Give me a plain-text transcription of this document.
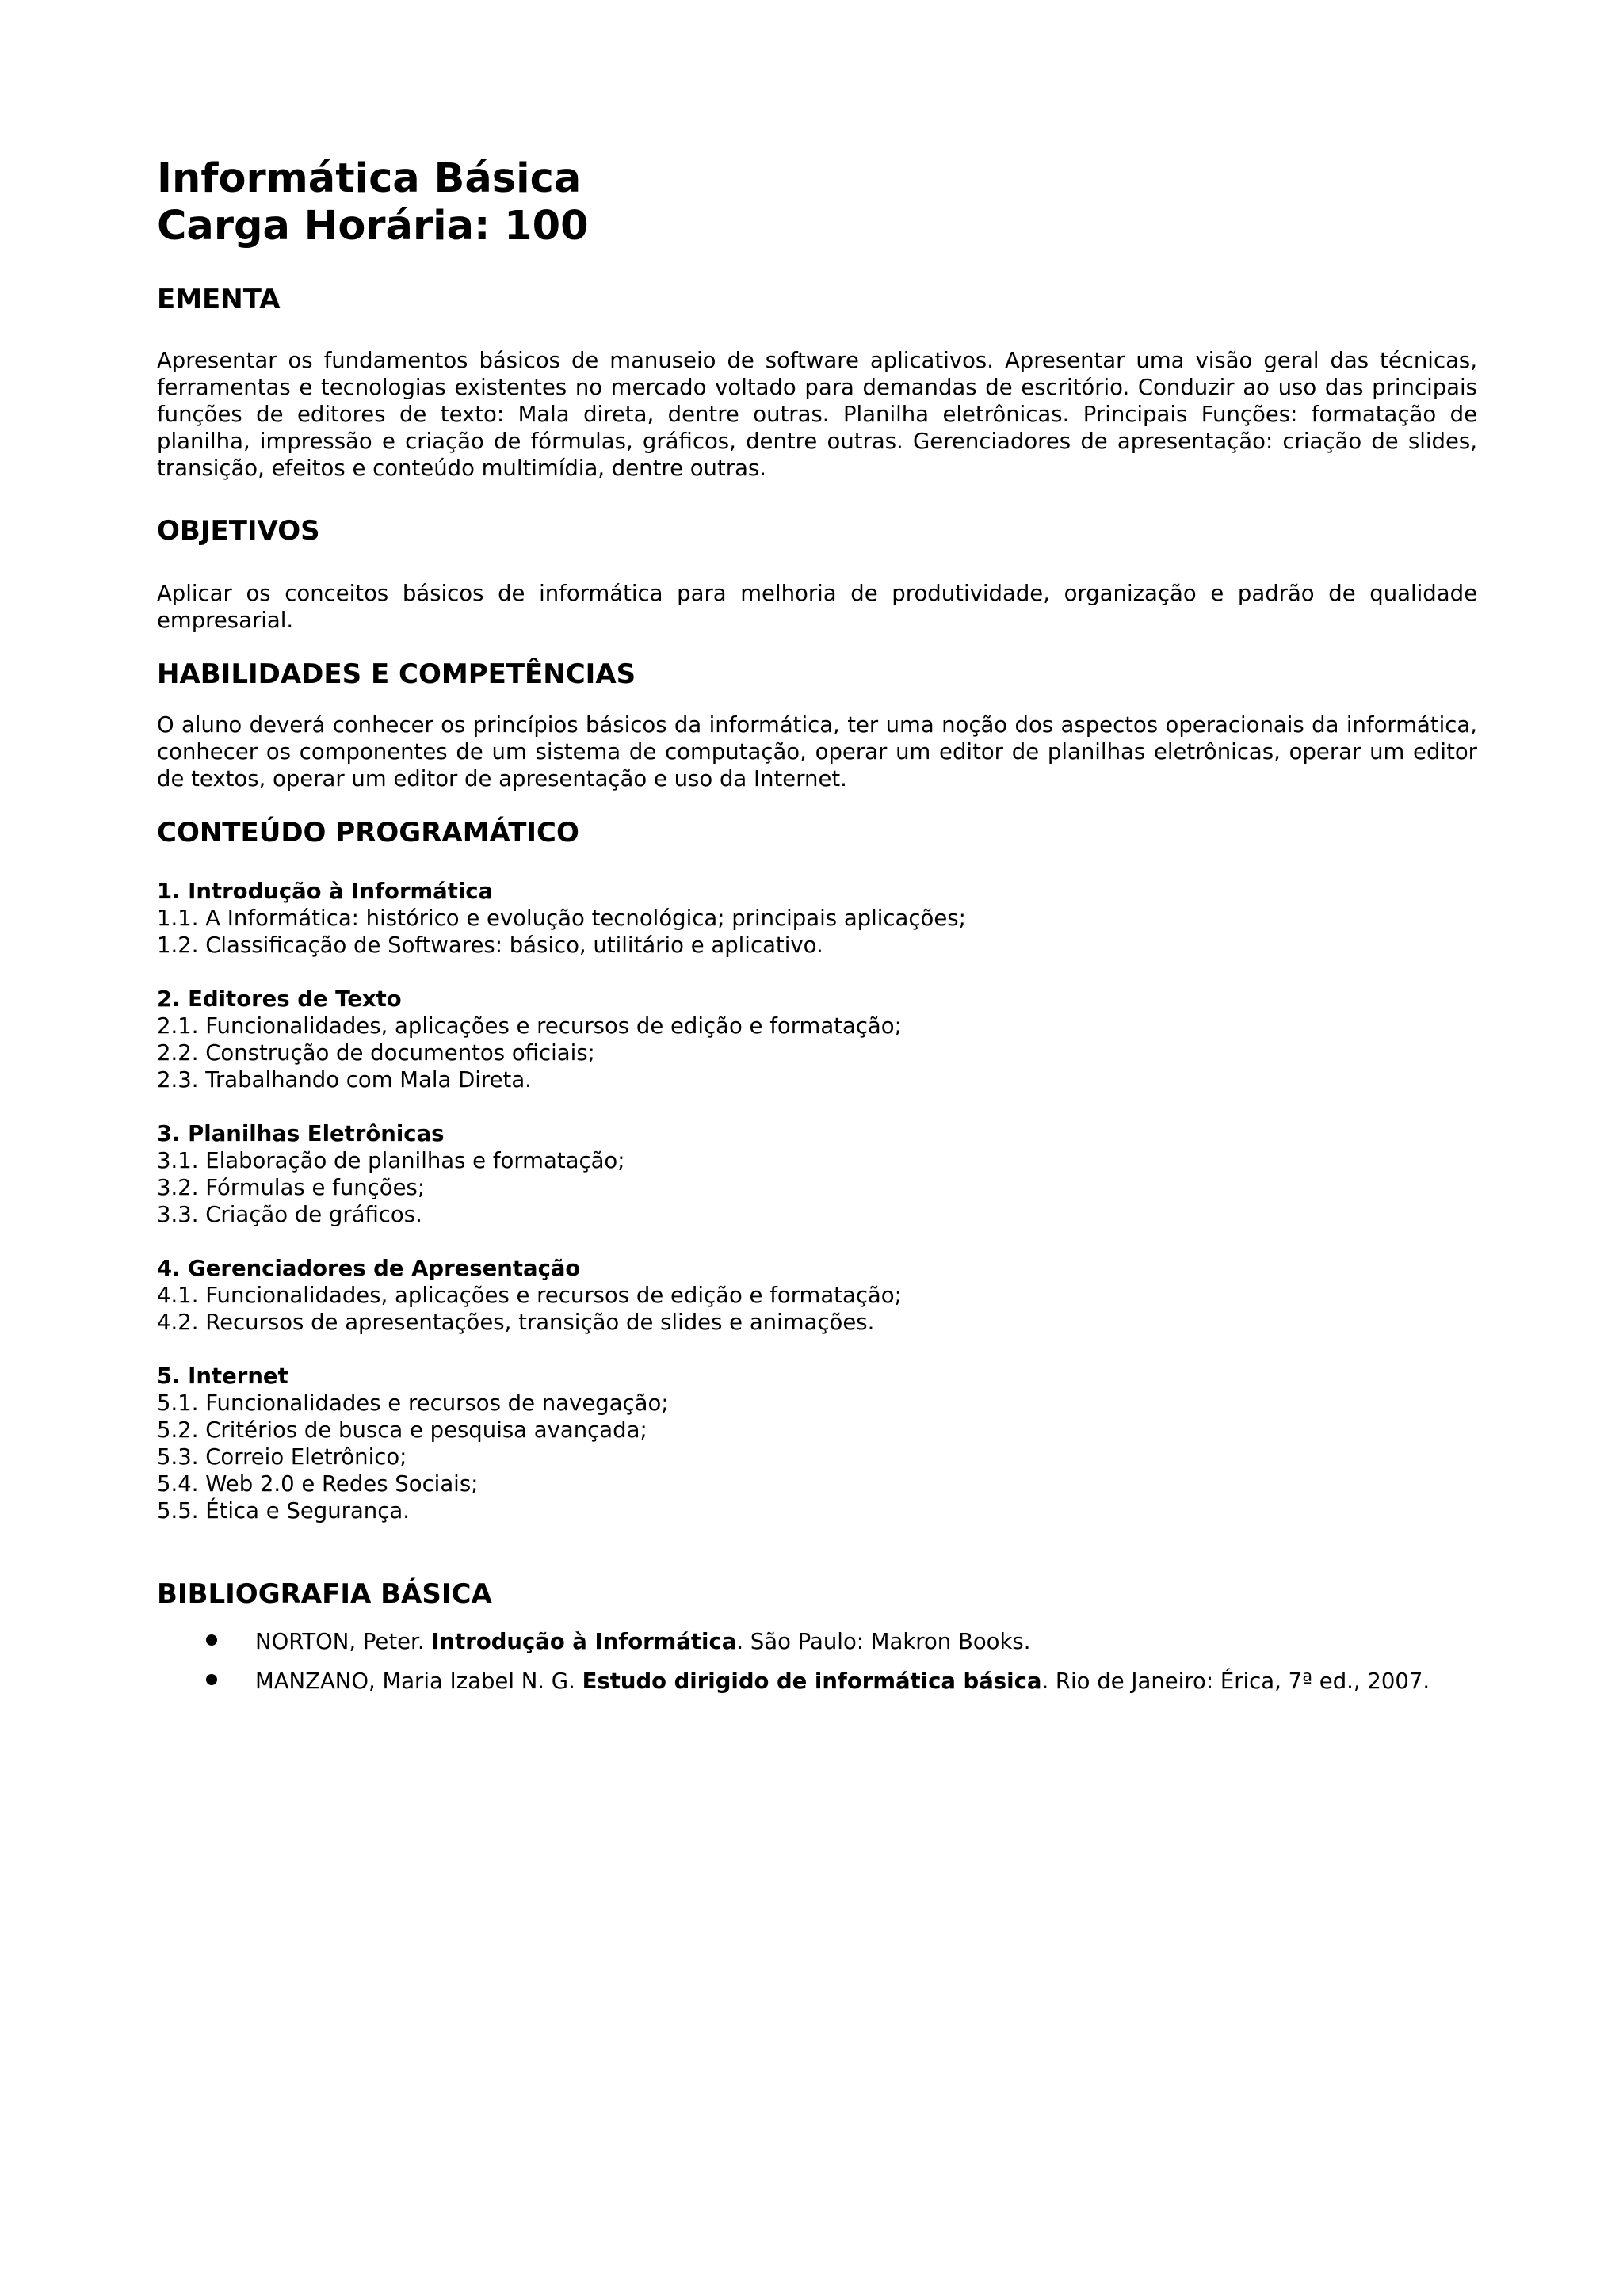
Informática Básica
Carga Horária: 100
EMENTA

Apresentar os fundamentos básicos de manuseio de software aplicativos. Apresentar uma visão geral das técnicas, ferramentas e tecnologias existentes no mercado voltado para demandas de escritório. Conduzir ao uso das principais funções de editores de texto: Mala direta, dentre outras. Planilha eletrônicas. Principais Funções: formatação de planilha, impressão e criação de fórmulas, gráficos, dentre outras. Gerenciadores de apresentação: criação de slides, transição, efeitos e conteúdo multimídia, dentre outras.

OBJETIVOS

Aplicar os conceitos básicos de informática para melhoria de produtividade, organização e padrão de qualidade empresarial.

HABILIDADES E COMPETÊNCIAS

O aluno deverá conhecer os princípios básicos da informática, ter uma noção dos aspectos operacionais da informática, conhecer os componentes de um sistema de computação, operar um editor de planilhas eletrônicas, operar um editor de textos, operar um editor de apresentação e uso da Internet.

CONTEÚDO PROGRAMÁTICO
1. Introdução à Informática
1.1. A Informática: histórico e evolução tecnológica; principais aplicações;
1.2. Classificação de Softwares: básico, utilitário e aplicativo.
2. Editores de Texto
2.1. Funcionalidades, aplicações e recursos de edição e formatação;
2.2. Construção de documentos oficiais;
2.3. Trabalhando com Mala Direta.
3. Planilhas Eletrônicas
3.1. Elaboração de planilhas e formatação;
3.2. Fórmulas e funções;
3.3. Criação de gráficos.
4. Gerenciadores de Apresentação
4.1. Funcionalidades, aplicações e recursos de edição e formatação;
4.2. Recursos de apresentações, transição de slides e animações.
5. Internet
5.1. Funcionalidades e recursos de navegação;
5.2. Critérios de busca e pesquisa avançada;
5.3. Correio Eletrônico;
5.4. Web 2.0 e Redes Sociais;
5.5. Ética e Segurança.
BIBLIOGRAFIA BÁSICA
NORTON, Peter. Introdução à Informática. São Paulo: Makron Books.
MANZANO, Maria Izabel N. G. Estudo dirigido de informática básica. Rio de Janeiro: Érica, 7ª ed., 2007.
